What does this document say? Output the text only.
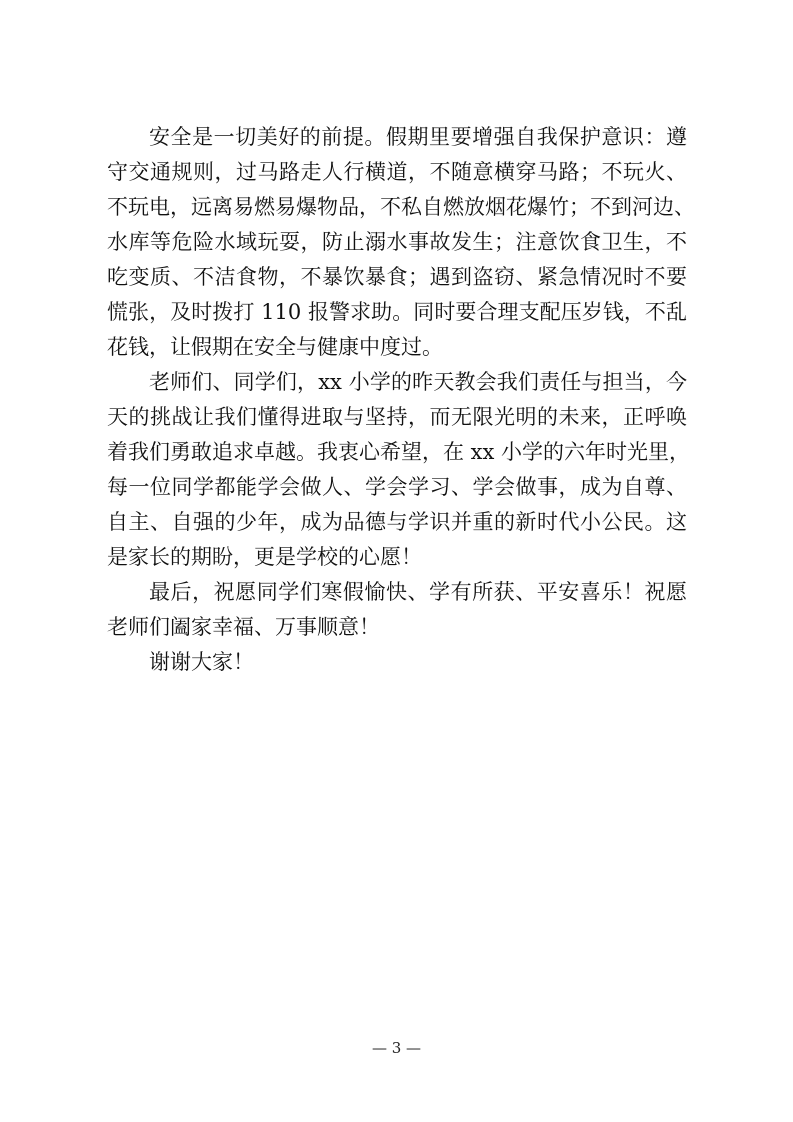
安全是一切美好的前提。假期里要增强自我保护意识：遵
守交通规则，过马路走人行横道，不随意横穿马路；不玩火、
不玩电，远离易燃易爆物品，不私自燃放烟花爆竹；不到河边、
水库等危险水域玩耍，防止溺水事故发生；注意饮食卫生，不
吃变质、不洁食物，不暴饮暴食；遇到盗窃、紧急情况时不要
慌张，及时拨打 110 报警求助。同时要合理支配压岁钱，不乱
花钱，让假期在安全与健康中度过。
老师们、同学们，xx 小学的昨天教会我们责任与担当，今
天的挑战让我们懂得进取与坚持，而无限光明的未来，正呼唤
着我们勇敢追求卓越。我衷心希望，在 xx 小学的六年时光里，
每一位同学都能学会做人、学会学习、学会做事，成为自尊、
自主、自强的少年，成为品德与学识并重的新时代小公民。这
是家长的期盼，更是学校的心愿！
最后，祝愿同学们寒假愉快、学有所获、平安喜乐！祝愿
老师们阖家幸福、万事顺意！
谢谢大家！
— 3 —
